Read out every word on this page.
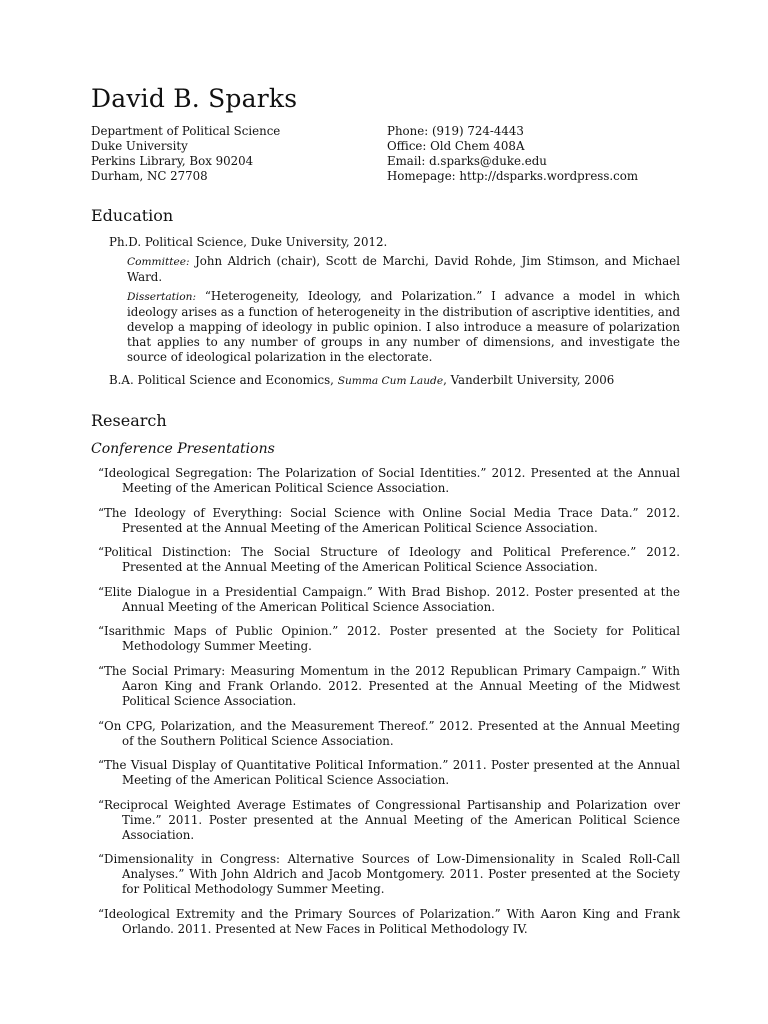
David B. Sparks
Department of Political Science
Duke University
Perkins Library, Box 90204
Durham, NC 27708
Phone: (919) 724-4443
Office: Old Chem 408A
Email: d.sparks@duke.edu
Homepage: http://dsparks.wordpress.com
Education

Ph.D. Political Science, Duke University, 2012.

Committee: John Aldrich (chair), Scott de Marchi, David Rohde, Jim Stimson, and Michael Ward.

Dissertation: “Heterogeneity, Ideology, and Polarization.” I advance a model in which ideology arises as a function of heterogeneity in the distribution of ascriptive identities, and develop a mapping of ideology in public opinion. I also introduce a measure of polarization that applies to any number of groups in any number of dimensions, and investigate the source of ideological polarization in the electorate.

B.A. Political Science and Economics, Summa Cum Laude, Vanderbilt University, 2006

Research
Conference Presentations
“Ideological Segregation: The Polarization of Social Identities.” 2012. Presented at the Annual Meeting of the American Political Science Association.
“The Ideology of Everything: Social Science with Online Social Media Trace Data.” 2012. Presented at the Annual Meeting of the American Political Science Association.
“Political Distinction: The Social Structure of Ideology and Political Preference.” 2012. Presented at the Annual Meeting of the American Political Science Association.
“Elite Dialogue in a Presidential Campaign.” With Brad Bishop. 2012. Poster presented at the Annual Meeting of the American Political Science Association.
“Isarithmic Maps of Public Opinion.” 2012. Poster presented at the Society for Political Methodology Summer Meeting.
“The Social Primary: Measuring Momentum in the 2012 Republican Primary Campaign.” With Aaron King and Frank Orlando. 2012. Presented at the Annual Meeting of the Midwest Political Science Association.
“On CPG, Polarization, and the Measurement Thereof.” 2012. Presented at the Annual Meeting of the Southern Political Science Association.
“The Visual Display of Quantitative Political Information.” 2011. Poster presented at the Annual Meeting of the American Political Science Association.
“Reciprocal Weighted Average Estimates of Congressional Partisanship and Polarization over Time.” 2011. Poster presented at the Annual Meeting of the American Political Science Association.
“Dimensionality in Congress: Alternative Sources of Low-Dimensionality in Scaled Roll-Call Analyses.” With John Aldrich and Jacob Montgomery. 2011. Poster presented at the Society for Political Methodology Summer Meeting.
“Ideological Extremity and the Primary Sources of Polarization.” With Aaron King and Frank Orlando. 2011. Presented at New Faces in Political Methodology IV.
